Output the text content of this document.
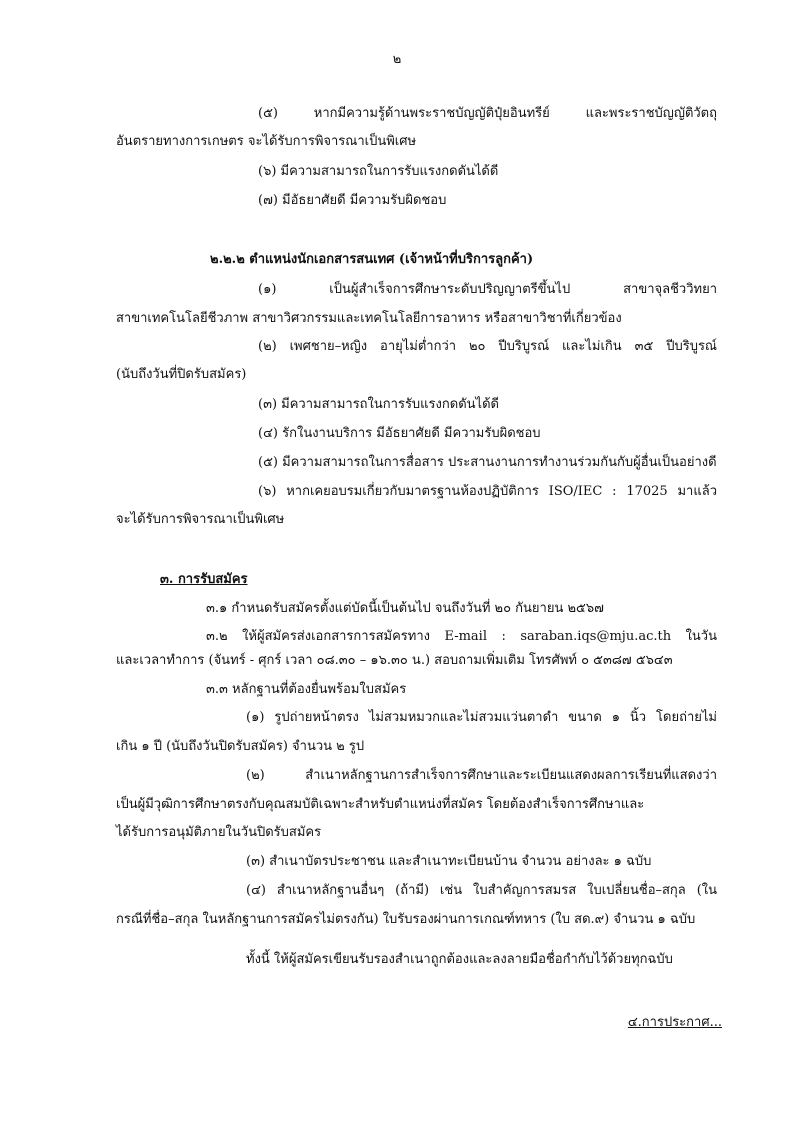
๒
(๕) หากมีความรู้ด้านพระราชบัญญัติปุ๋ยอินทรีย์ และพระราชบัญญัติวัตถุ
อันตรายทางการเกษตร จะได้รับการพิจารณาเป็นพิเศษ
(๖) มีความสามารถในการรับแรงกดดันได้ดี
(๗) มีอัธยาศัยดี มีความรับผิดชอบ
๒.๒.๒ ตำแหน่งนักเอกสารสนเทศ (เจ้าหน้าที่บริการลูกค้า)
(๑) เป็นผู้สำเร็จการศึกษาระดับปริญญาตรีขึ้นไป สาขาจุลชีววิทยา
สาขาเทคโนโลยีชีวภาพ สาขาวิศวกรรมและเทคโนโลยีการอาหาร หรือสาขาวิชาที่เกี่ยวข้อง
(๒) เพศชาย–หญิง อายุไม่ต่ำกว่า ๒๐ ปีบริบูรณ์ และไม่เกิน ๓๕ ปีบริบูรณ์
(นับถึงวันที่ปิดรับสมัคร)
(๓) มีความสามารถในการรับแรงกดดันได้ดี
(๔) รักในงานบริการ มีอัธยาศัยดี มีความรับผิดชอบ
(๕) มีความสามารถในการสื่อสาร ประสานงานการทำงานร่วมกันกับผู้อื่นเป็นอย่างดี
(๖) หากเคยอบรมเกี่ยวกับมาตรฐานห้องปฏิบัติการ ISO/IEC : 17025 มาแล้ว
จะได้รับการพิจารณาเป็นพิเศษ
๓. การรับสมัคร
๓.๑ กำหนดรับสมัครตั้งแต่บัดนี้เป็นต้นไป จนถึงวันที่ ๒๐ กันยายน ๒๕๖๗
๓.๒ ให้ผู้สมัครส่งเอกสารการสมัครทาง E-mail : saraban.iqs@mju.ac.th ในวัน
และเวลาทำการ (จันทร์ - ศุกร์ เวลา ๐๘.๓๐ – ๑๖.๓๐ น.) สอบถามเพิ่มเติม โทรศัพท์ ๐ ๕๓๘๗ ๕๖๔๓
๓.๓ หลักฐานที่ต้องยื่นพร้อมใบสมัคร
(๑) รูปถ่ายหน้าตรง ไม่สวมหมวกและไม่สวมแว่นตาดำ ขนาด ๑ นิ้ว โดยถ่ายไม่
เกิน ๑ ปี (นับถึงวันปิดรับสมัคร) จำนวน ๒ รูป
(๒) สำเนาหลักฐานการสำเร็จการศึกษาและระเบียนแสดงผลการเรียนที่แสดงว่า
เป็นผู้มีวุฒิการศึกษาตรงกับคุณสมบัติเฉพาะสำหรับตำแหน่งที่สมัคร โดยต้องสำเร็จการศึกษาและ
ได้รับการอนุมัติภายในวันปิดรับสมัคร
(๓) สำเนาบัตรประชาชน และสำเนาทะเบียนบ้าน จำนวน อย่างละ ๑ ฉบับ
(๔) สำเนาหลักฐานอื่นๆ (ถ้ามี) เช่น ใบสำคัญการสมรส ใบเปลี่ยนชื่อ–สกุล (ใน
กรณีที่ชื่อ–สกุล ในหลักฐานการสมัครไม่ตรงกัน) ใบรับรองผ่านการเกณฑ์ทหาร (ใบ สด.๙) จำนวน ๑ ฉบับ
ทั้งนี้ ให้ผู้สมัครเขียนรับรองสำเนาถูกต้องและลงลายมือชื่อกำกับไว้ด้วยทุกฉบับ
๔.การประกาศ...
